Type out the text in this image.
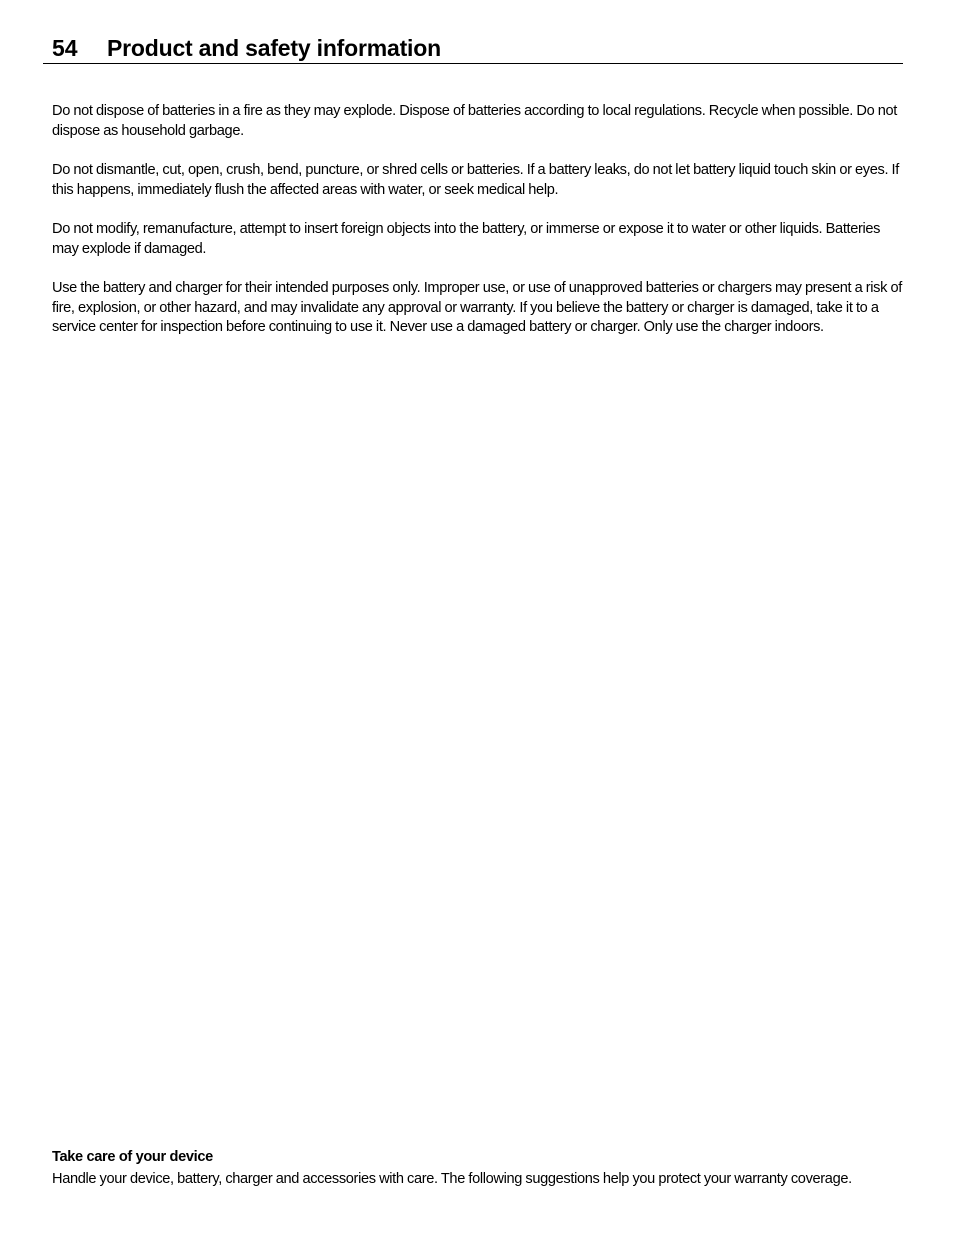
54 Product and safety information

Do not dispose of batteries in a fire as they may explode. Dispose of batteries according to local regulations. Recycle when possible. Do not dispose as household garbage.

Do not dismantle, cut, open, crush, bend, puncture, or shred cells or batteries. If a battery leaks, do not let battery liquid touch skin or eyes. If this happens, immediately flush the affected areas with water, or seek medical help.

Do not modify, remanufacture, attempt to insert foreign objects into the battery, or immerse or expose it to water or other liquids. Batteries may explode if damaged.

Use the battery and charger for their intended purposes only. Improper use, or use of unapproved batteries or chargers may present a risk of fire, explosion, or other hazard, and may invalidate any approval or warranty. If you believe the battery or charger is damaged, take it to a service center for inspection before continuing to use it. Never use a damaged battery or charger. Only use the charger indoors.

Take care of your device

Handle your device, battery, charger and accessories with care. The following suggestions help you protect your warranty coverage.
